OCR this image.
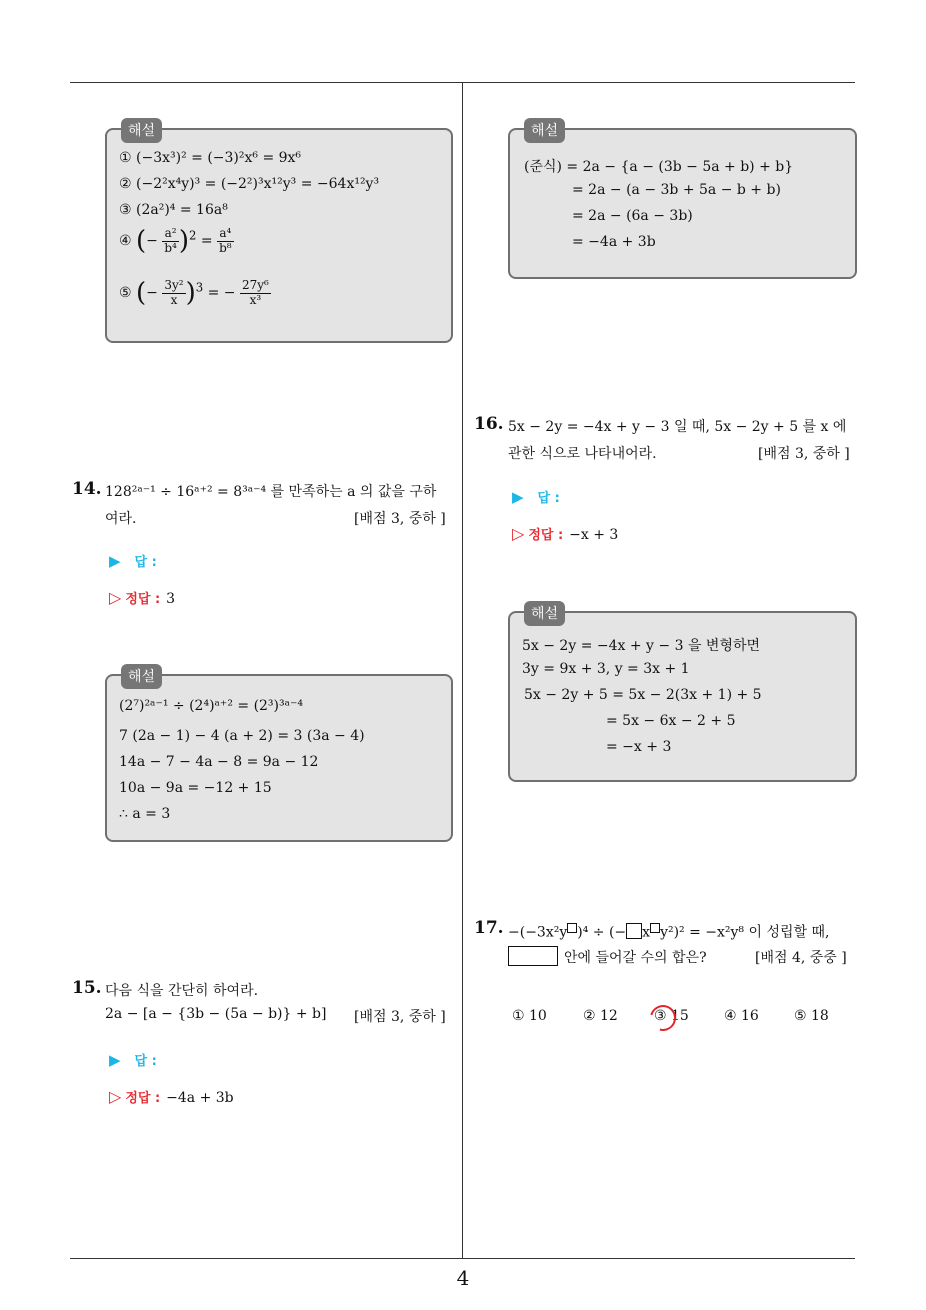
4
해설
① (−3x³)² = (−3)²x⁶ = 9x⁶
② (−2²x⁴y)³ = (−2²)³x¹²y³ = −64x¹²y³
③ (2a²)⁴ = 16a⁸
④ (− $\frac{\text{a²}}{\text{b⁴}} )^2 = \frac{\text{a⁴}}{\text{b⁸}}$
⑤ (− $\frac{\text{3y²}}{x} )^3$ = − $\frac{\text{27y⁶}}{\text{x³}}$
14. 128²ᵃ⁻¹ ÷ 16ᵃ⁺² = 8³ᵃ⁻⁴ 를 만족하는 a 의 값을 구하
여라.	[배점 3, 중하 ]
▶ 답 :
▷ 정답 : 3
해설
(2⁷)²ᵃ⁻¹ ÷ (2⁴)ᵃ⁺² = (2³)³ᵃ⁻⁴
7 (2a − 1) − 4 (a + 2) = 3 (3a − 4)
14a − 7 − 4a − 8 = 9a − 12
10a − 9a = −12 + 15
∴ a = 3
15. 다음 식을 간단히 하여라.
2a − [a − {3b − (5a − b)} + b] [배점 3, 중하 ]
▶ 답 :
▷ 정답 : −4a + 3b
해설
(준식) = 2a − {a − (3b − 5a + b) + b}
= 2a − (a − 3b + 5a − b + b)
= 2a − (6a − 3b)
= −4a + 3b
16. 5x − 2y = −4x + y − 3 일 때, 5x − 2y + 5 를 x 에
관한 식으로 나타내어라.	[배점 3, 중하 ]
▶ 답 :
▷ 정답 : −x + 3
해설
5x − 2y = −4x + y − 3 을 변형하면
3y = 9x + 3, y = 3x + 1
5x − 2y + 5 = 5x − 2(3x + 1) + 5
= 5x − 6x − 2 + 5
= −x + 3
17. −(−3x²y )⁴ ÷ (− x y²)² = −x²y⁸ 이 성립할 때,
안에 들어갈 수의 합은?	[배점 4, 중중 ]
① 10	② 12	③ 15	④ 16	⑤ 18
